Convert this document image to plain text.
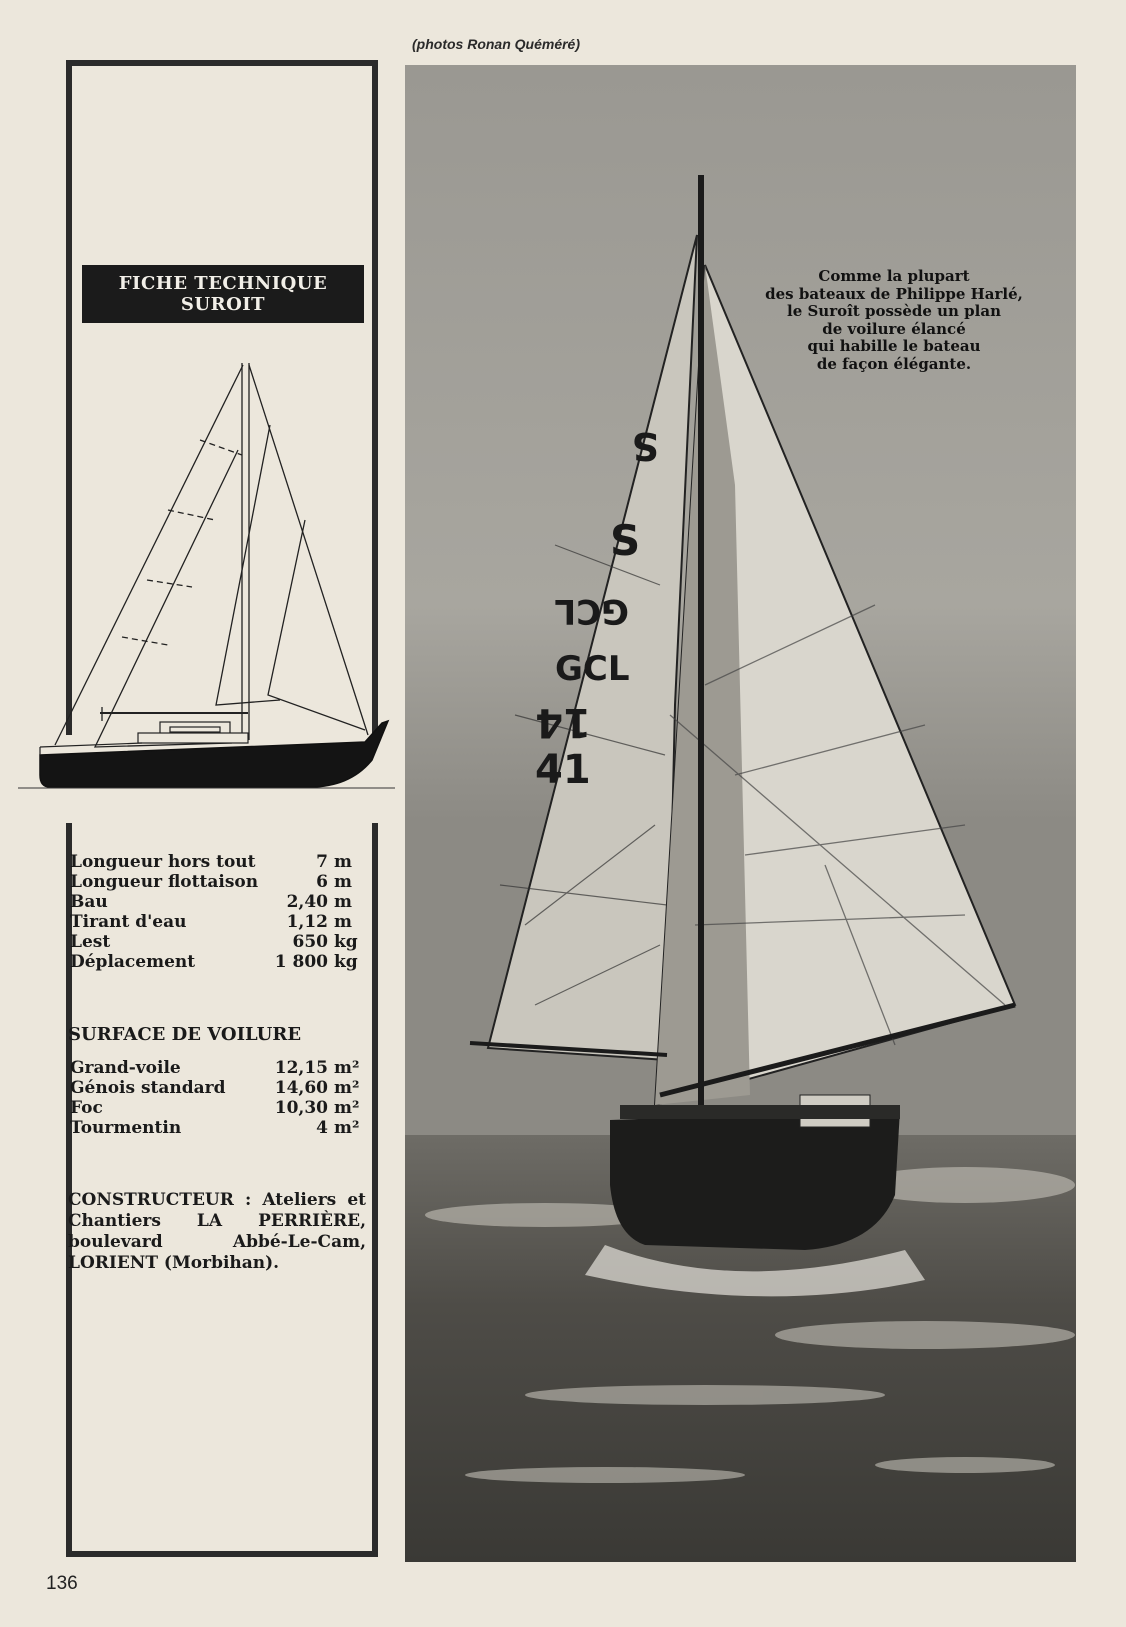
(photos Ronan Quéméré)
FICHE TECHNIQUE
SUROIT
Longueur hors tout	7 m
Longueur flottaison	6 m
Bau	2,40 m
Tirant d'eau	1,12 m
Lest	650 kg
Déplacement	1 800 kg
SURFACE DE VOILURE
Grand-voile	12,15 m²
Génois standard	14,60 m²
Foc	10,30 m²
Tourmentin	4 m²
CONSTRUCTEUR : Ateliers et Chantiers LA PERRIÈRE, boulevard Abbé-Le-Cam, LORIENT (Morbihan).
S
S
GCL
GCL
14
41
Comme la plupart
des bateaux de Philippe Harlé,
le Suroît possède un plan
de voilure élancé
qui habille le bateau
de façon élégante.
136
